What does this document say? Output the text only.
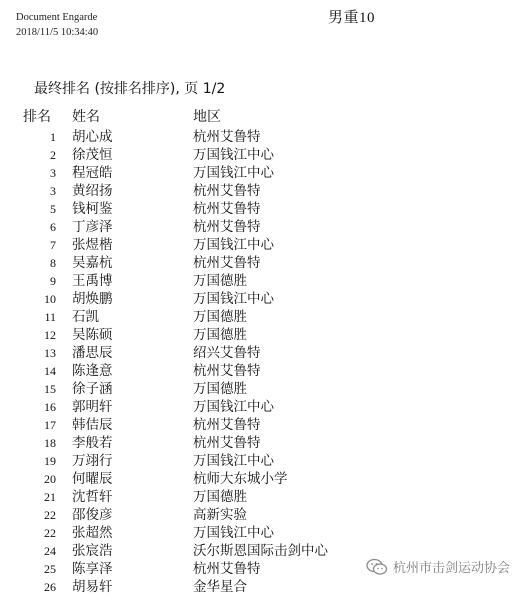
Document Engarde
2018/11/5 10:34:40
男重10
最终排名 (按排名排序), 页 1/2
排名 姓名	地区
1 胡心成	杭州艾鲁特
2 徐茂恒	万国钱江中心
3 程冠皓	万国钱江中心
3 黄绍扬	杭州艾鲁特
5 钱柯鉴	杭州艾鲁特
6 丁彦泽	杭州艾鲁特
7 张煜楷	万国钱江中心
8 吴嘉杭	杭州艾鲁特
9 王禹博	万国德胜
10 胡焕鹏	万国钱江中心
11 石凯	万国德胜
12 吴陈硕	万国德胜
13 潘思辰	绍兴艾鲁特
14 陈逢意	杭州艾鲁特
15 徐子涵	万国德胜
16 郭明轩	万国钱江中心
17 韩佶辰	杭州艾鲁特
18 李般若	杭州艾鲁特
19 万翊行	万国钱江中心
20 何曜辰	杭师大东城小学
21 沈哲轩	万国德胜
22 邵俊彦	高新实验
22 张超然	万国钱江中心
24 张宸浩	沃尔斯恩国际击剑中心
25 陈享泽	杭州艾鲁特
26 胡易轩	金华星合
杭州市击剑运动协会
